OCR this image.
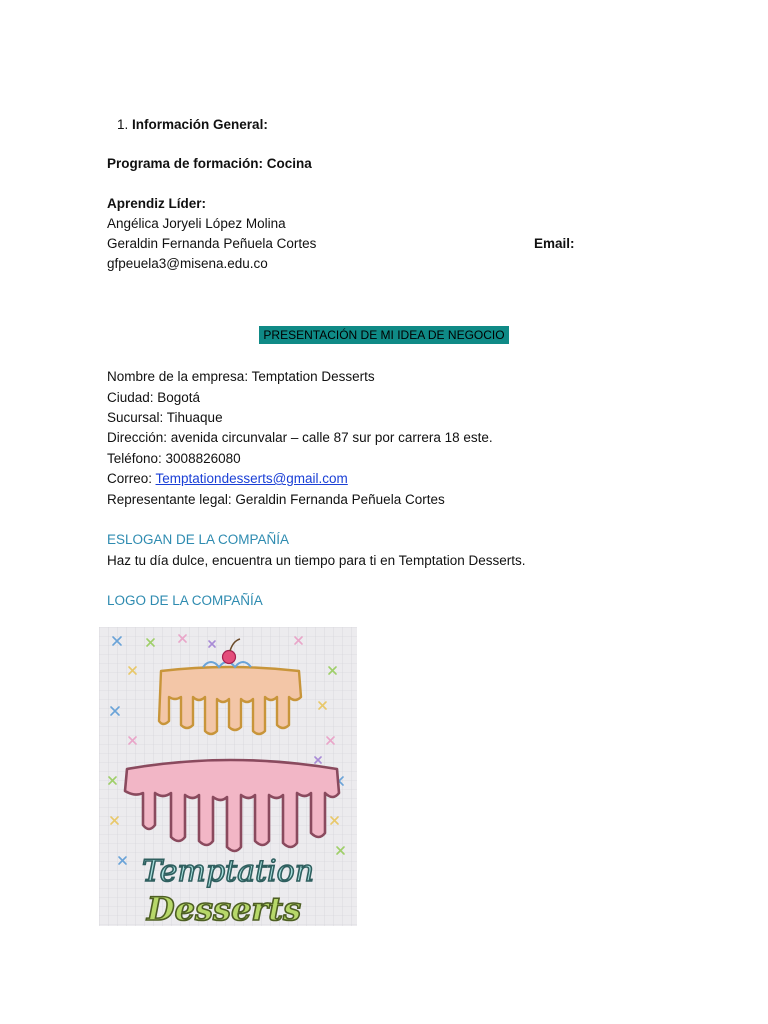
1. Información General:
Programa de formación: Cocina
Aprendiz Líder:
Angélica Joryeli López Molina
Geraldin Fernanda Peñuela Cortes	Email:
gfpeuela3@misena.edu.co
PRESENTACIÓN DE MI IDEA DE NEGOCIO
Nombre de la empresa: Temptation Desserts
Ciudad: Bogotá
Sucursal: Tihuaque
Dirección: avenida circunvalar – calle 87 sur por carrera 18 este.
Teléfono: 3008826080
Correo: Temptationdesserts@gmail.com
Representante legal: Geraldin Fernanda Peñuela Cortes
ESLOGAN DE LA COMPAÑÍA
Haz tu día dulce, encuentra un tiempo para ti en Temptation Desserts.
LOGO DE LA COMPAÑÍA
Temptation
Desserts
